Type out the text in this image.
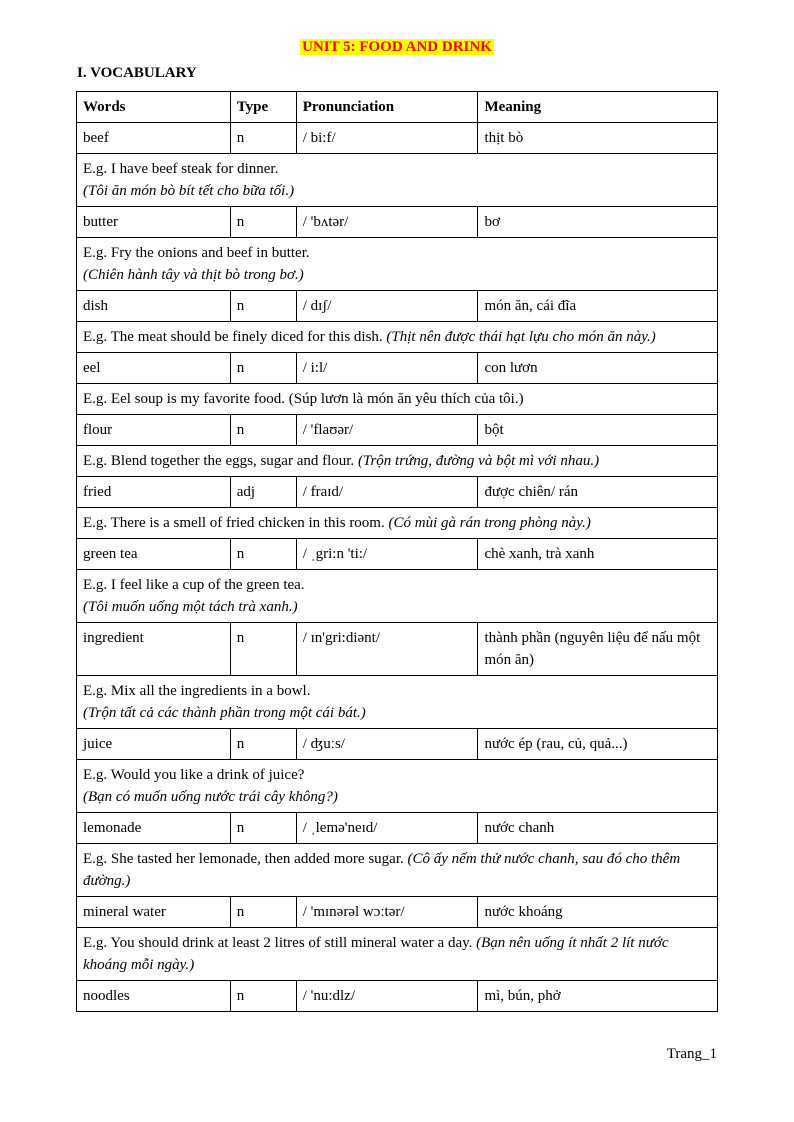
UNIT 5: FOOD AND DRINK
I. VOCABULARY
Words	Type	Pronunciation	Meaning
beef	n	/ bi:f/	thịt bò
E.g. I have beef steak for dinner.
(Tôi ăn món bò bít tết cho bữa tối.)			
butter	n	/ 'bʌtər/	bơ
E.g. Fry the onions and beef in butter.
(Chiên hành tây và thịt bò trong bơ.)			
dish	n	/ dɪʃ/	món ăn, cái đĩa
E.g. The meat should be finely diced for this dish. (Thịt nên được thái hạt lựu cho món ăn này.)			
eel	n	/ i:l/	con lươn
E.g. Eel soup is my favorite food. (Súp lươn là món ăn yêu thích của tôi.)			
flour	n	/ 'flaʊər/	bột
E.g. Blend together the eggs, sugar and flour. (Trộn trứng, đường và bột mì với nhau.)			
fried	adj	/ fraɪd/	được chiên/ rán
E.g. There is a smell of fried chicken in this room. (Có mùi gà rán trong phòng này.)			
green tea	n	/ ˌgri:n 'ti:/	chè xanh, trà xanh
E.g. I feel like a cup of the green tea.
(Tôi muốn uống một tách trà xanh.)			
ingredient	n	/ ɪn'gri:diənt/	thành phần (nguyên liệu để nấu một món ăn)
E.g. Mix all the ingredients in a bowl.
(Trộn tất cả các thành phần trong một cái bát.)			
juice	n	/ ʤuːs/	nước ép (rau, củ, quả...)
E.g. Would you like a drink of juice?
(Bạn có muốn uống nước trái cây không?)			
lemonade	n	/ ˌlemə'neɪd/	nước chanh
E.g. She tasted her lemonade, then added more sugar. (Cô ấy nếm thử nước chanh, sau đó cho thêm đường.)			
mineral water	n	/ 'mɪnərəl wɔːtər/	nước khoáng
E.g. You should drink at least 2 litres of still mineral water a day. (Bạn nên uống ít nhất 2 lít nước khoáng mỗi ngày.)			
noodles	n	/ 'nu:dlz/	mì, bún, phở
Trang_1
